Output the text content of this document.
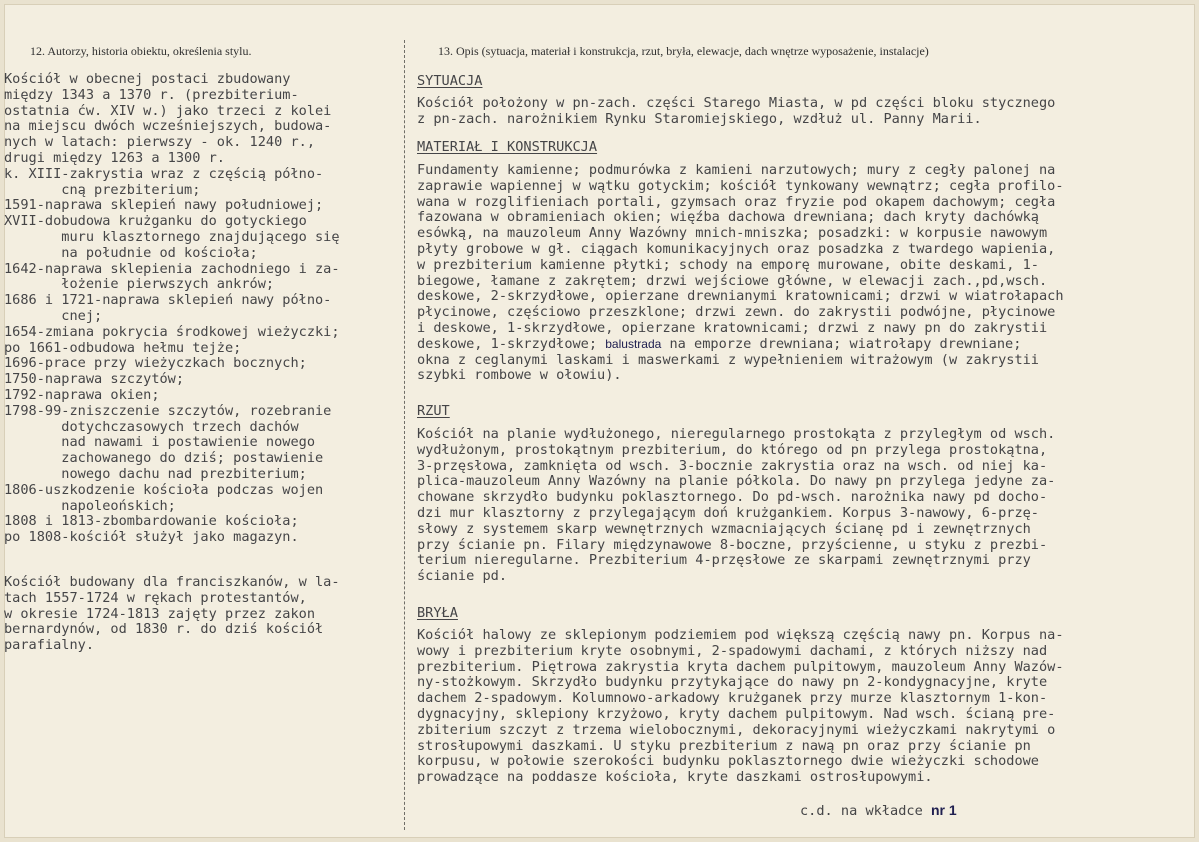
12. Autorzy, historia obiektu, określenia stylu.	13. Opis (sytuacja, materiał i konstrukcja, rzut, bryła, elewacje, dach wnętrze wyposażenie, instalacje)
Kościół w obecnej postaci zbudowany
między 1343 a 1370 r. (prezbiterium-
ostatnia ćw. XIV w.) jako trzeci z kolei
na miejscu dwóch wcześniejszych, budowa-
nych w latach: pierwszy - ok. 1240 r.,
drugi między 1263 a 1300 r.
k. XIII-zakrystia wraz z częścią półno-
cną prezbiterium;
1591-naprawa sklepień nawy południowej;
XVII-dobudowa krużganku do gotyckiego
muru klasztornego znajdującego się
na południe od kościoła;
1642-naprawa sklepienia zachodniego i za-
łożenie pierwszych ankrów;
1686 i 1721-naprawa sklepień nawy półno-
cnej;
1654-zmiana pokrycia środkowej wieżyczki;
po 1661-odbudowa hełmu tejże;
1696-prace przy wieżyczkach bocznych;
1750-naprawa szczytów;
1792-naprawa okien;
1798-99-zniszczenie szczytów, rozebranie
dotychczasowych trzech dachów
nad nawami i postawienie nowego
zachowanego do dziś; postawienie
nowego dachu nad prezbiterium;
1806-uszkodzenie kościoła podczas wojen
napoleońskich;
1808 i 1813-zbombardowanie kościoła;
po 1808-kościół służył jako magazyn.
Kościół budowany dla franciszkanów, w la-
tach 1557-1724 w rękach protestantów,
w okresie 1724-1813 zajęty przez zakon
bernardynów, od 1830 r. do dziś kościół
parafialny.
SYTUACJA
Kościół położony w pn-zach. części Starego Miasta, w pd części bloku stycznego
z pn-zach. narożnikiem Rynku Staromiejskiego, wzdłuż ul. Panny Marii.
MATERIAŁ I KONSTRUKCJA
Fundamenty kamienne; podmurówka z kamieni narzutowych; mury z cegły palonej na
zaprawie wapiennej w wątku gotyckim; kościół tynkowany wewnątrz; cegła profilo-
wana w rozglifieniach portali, gzymsach oraz fryzie pod okapem dachowym; cegła
fazowana w obramieniach okien; więźba dachowa drewniana; dach kryty dachówką
esówką, na mauzoleum Anny Wazówny mnich-mniszka; posadzki: w korpusie nawowym
płyty grobowe w gł. ciągach komunikacyjnych oraz posadzka z twardego wapienia,
w prezbiterium kamienne płytki; schody na emporę murowane, obite deskami, 1-
biegowe, łamane z zakrętem; drzwi wejściowe główne, w elewacji zach.,pd,wsch.
deskowe, 2-skrzydłowe, opierzane drewnianymi kratownicami; drzwi w wiatrołapach
płycinowe, częściowo przeszklone; drzwi zewn. do zakrystii podwójne, płycinowe
i deskowe, 1-skrzydłowe, opierzane kratownicami; drzwi z nawy pn do zakrystii
deskowe, 1-skrzydłowe; balustrada na emporze drewniana; wiatrołapy drewniane;
okna z ceglanymi laskami i maswerkami z wypełnieniem witrażowym (w zakrystii
szybki rombowe w ołowiu).
RZUT
Kościół na planie wydłużonego, nieregularnego prostokąta z przyległym od wsch.
wydłużonym, prostokątnym prezbiterium, do którego od pn przylega prostokątna,
3-przęsłowa, zamknięta od wsch. 3-bocznie zakrystia oraz na wsch. od niej ka-
plica-mauzoleum Anny Wazówny na planie półkola. Do nawy pn przylega jedyne za-
chowane skrzydło budynku poklasztornego. Do pd-wsch. narożnika nawy pd docho-
dzi mur klasztorny z przylegającym doń krużgankiem. Korpus 3-nawowy, 6-przę-
słowy z systemem skarp wewnętrznych wzmacniających ścianę pd i zewnętrznych
przy ścianie pn. Filary międzynawowe 8-boczne, przyścienne, u styku z prezbi-
terium nieregularne. Prezbiterium 4-przęsłowe ze skarpami zewnętrznymi przy
ścianie pd.
BRYŁA
Kościół halowy ze sklepionym podziemiem pod większą częścią nawy pn. Korpus na-
wowy i prezbiterium kryte osobnymi, 2-spadowymi dachami, z których niższy nad
prezbiterium. Piętrowa zakrystia kryta dachem pulpitowym, mauzoleum Anny Wazów-
ny-stożkowym. Skrzydło budynku przytykające do nawy pn 2-kondygnacyjne, kryte
dachem 2-spadowym. Kolumnowo-arkadowy krużganek przy murze klasztornym 1-kon-
dygnacyjny, sklepiony krzyżowo, kryty dachem pulpitowym. Nad wsch. ścianą pre-
zbiterium szczyt z trzema wielobocznymi, dekoracyjnymi wieżyczkami nakrytymi o
strosłupowymi daszkami. U styku prezbiterium z nawą pn oraz przy ścianie pn
korpusu, w połowie szerokości budynku poklasztornego dwie wieżyczki schodowe
prowadzące na poddasze kościoła, kryte daszkami ostrosłupowymi.
c.d. na wkładce nr 1
